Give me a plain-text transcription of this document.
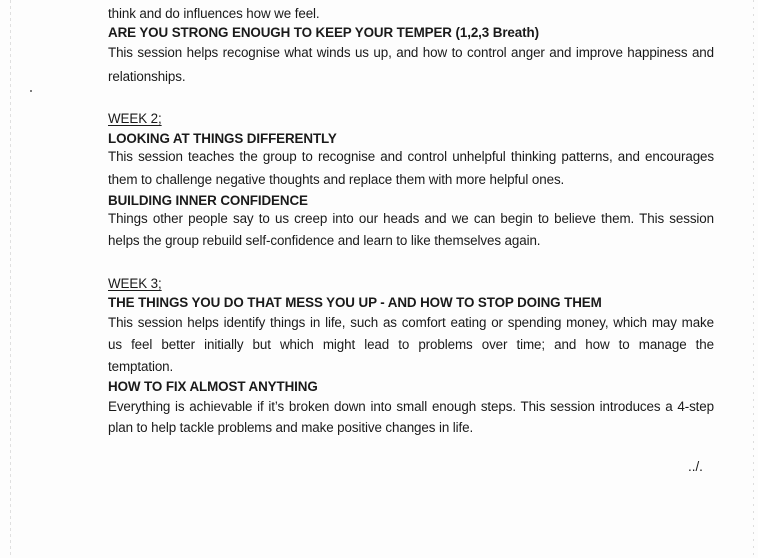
think and do influences how we feel.
ARE YOU STRONG ENOUGH TO KEEP YOUR TEMPER (1,2,3 Breath)
This session helps recognise what winds us up, and how to control anger and improve happiness and
relationships.
WEEK 2;
LOOKING AT THINGS DIFFERENTLY
This session teaches the group to recognise and control unhelpful thinking patterns, and encourages
them to challenge negative thoughts and replace them with more helpful ones.
BUILDING INNER CONFIDENCE
Things other people say to us creep into our heads and we can begin to believe them. This session
helps the group rebuild self-confidence and learn to like themselves again.
WEEK 3;
THE THINGS YOU DO THAT MESS YOU UP - AND HOW TO STOP DOING THEM
This session helps identify things in life, such as comfort eating or spending money, which may make
us feel better initially but which might lead to problems over time; and how to manage the
temptation.
HOW TO FIX ALMOST ANYTHING
Everything is achievable if it’s broken down into small enough steps. This session introduces a 4-step
plan to help tackle problems and make positive changes in life.
../.
